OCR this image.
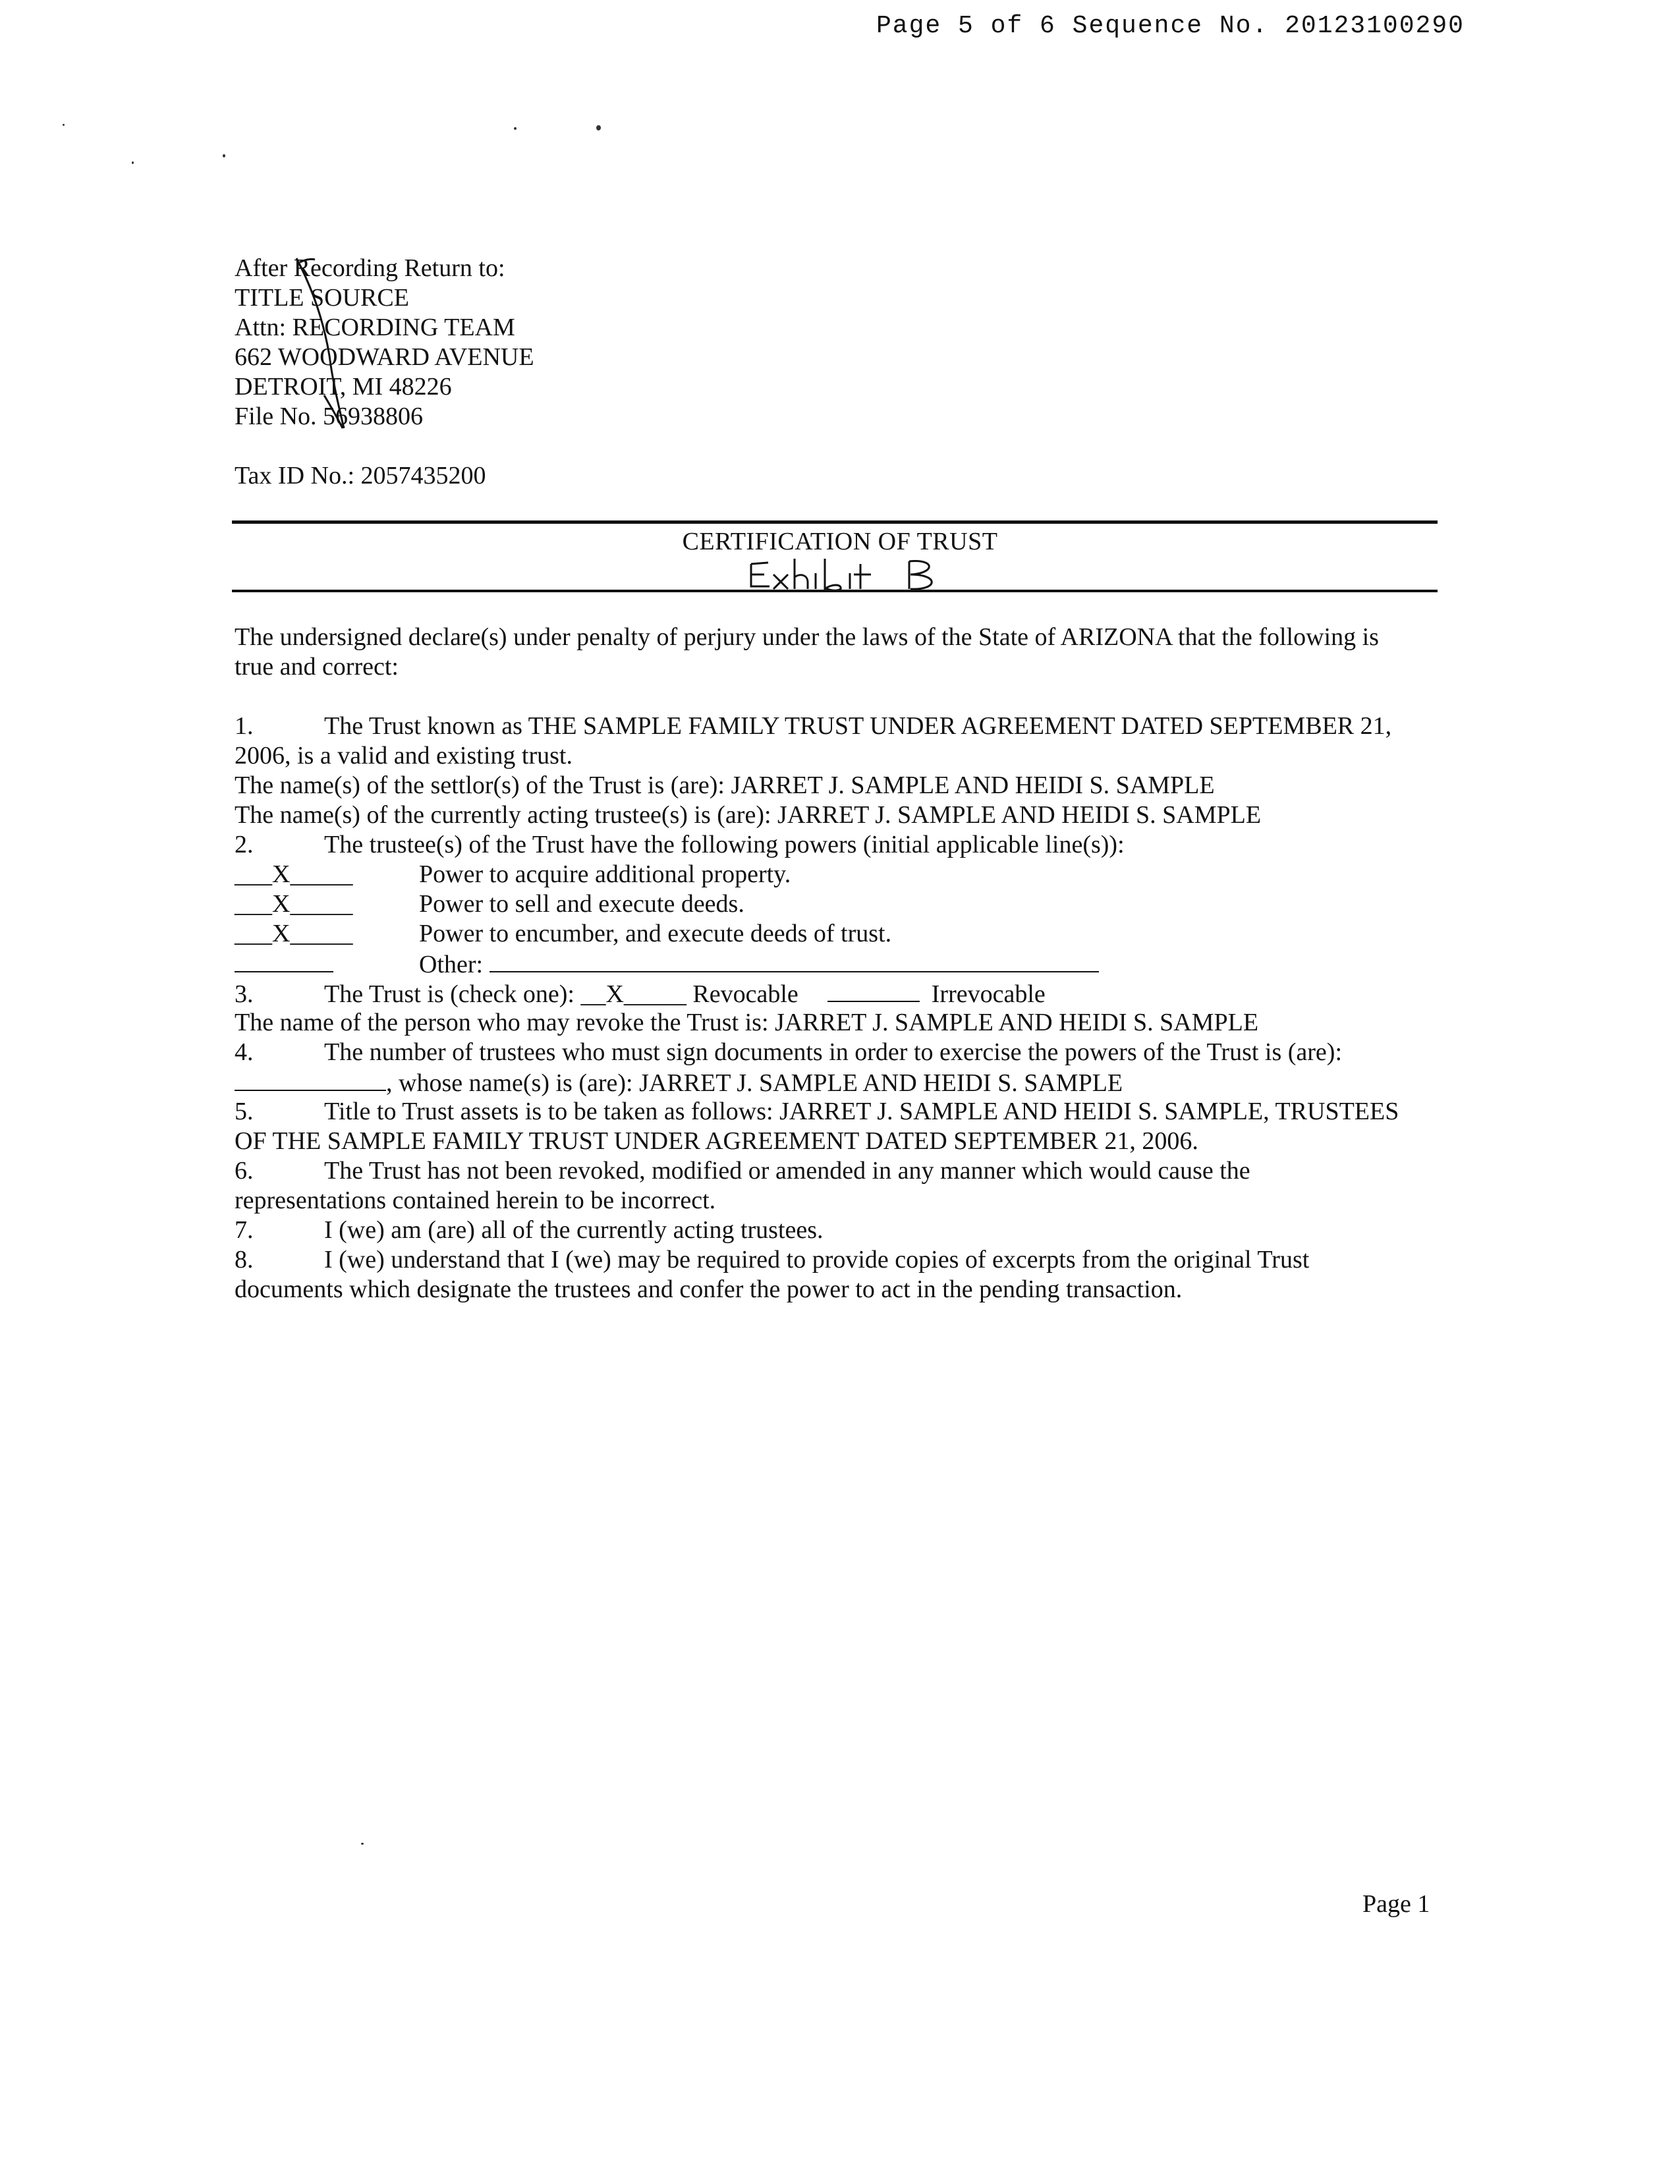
Page 5 of 6 Sequence No. 20123100290
After Recording Return to:
TITLE SOURCE
Attn: RECORDING TEAM
662 WOODWARD AVENUE
DETROIT, MI 48226
File No. 56938806
Tax ID No.: 2057435200
CERTIFICATION OF TRUST
The undersigned declare(s) under penalty of perjury under the laws of the State of ARIZONA that the following is
true and correct:
1.	The Trust known as THE SAMPLE FAMILY TRUST UNDER AGREEMENT DATED SEPTEMBER 21,
2006, is a valid and existing trust.
The name(s) of the settlor(s) of the Trust is (are): JARRET J. SAMPLE AND HEIDI S. SAMPLE
The name(s) of the currently acting trustee(s) is (are): JARRET J. SAMPLE AND HEIDI S. SAMPLE
2.	The trustee(s) of the Trust have the following powers (initial applicable line(s)):
___X_____	Power to acquire additional property.
___X_____	Power to sell and execute deeds.
___X_____	Power to encumber, and execute deeds of trust.
Other:
3.	The Trust is (check one): __X_____ Revocable	Irrevocable
The name of the person who may revoke the Trust is: JARRET J. SAMPLE AND HEIDI S. SAMPLE
4.	The number of trustees who must sign documents in order to exercise the powers of the Trust is (are):
, whose name(s) is (are): JARRET J. SAMPLE AND HEIDI S. SAMPLE
5.	Title to Trust assets is to be taken as follows: JARRET J. SAMPLE AND HEIDI S. SAMPLE, TRUSTEES
OF THE SAMPLE FAMILY TRUST UNDER AGREEMENT DATED SEPTEMBER 21, 2006.
6.	The Trust has not been revoked, modified or amended in any manner which would cause the
representations contained herein to be incorrect.
7.	I (we) am (are) all of the currently acting trustees.
8.	I (we) understand that I (we) may be required to provide copies of excerpts from the original Trust
documents which designate the trustees and confer the power to act in the pending transaction.
Page 1
